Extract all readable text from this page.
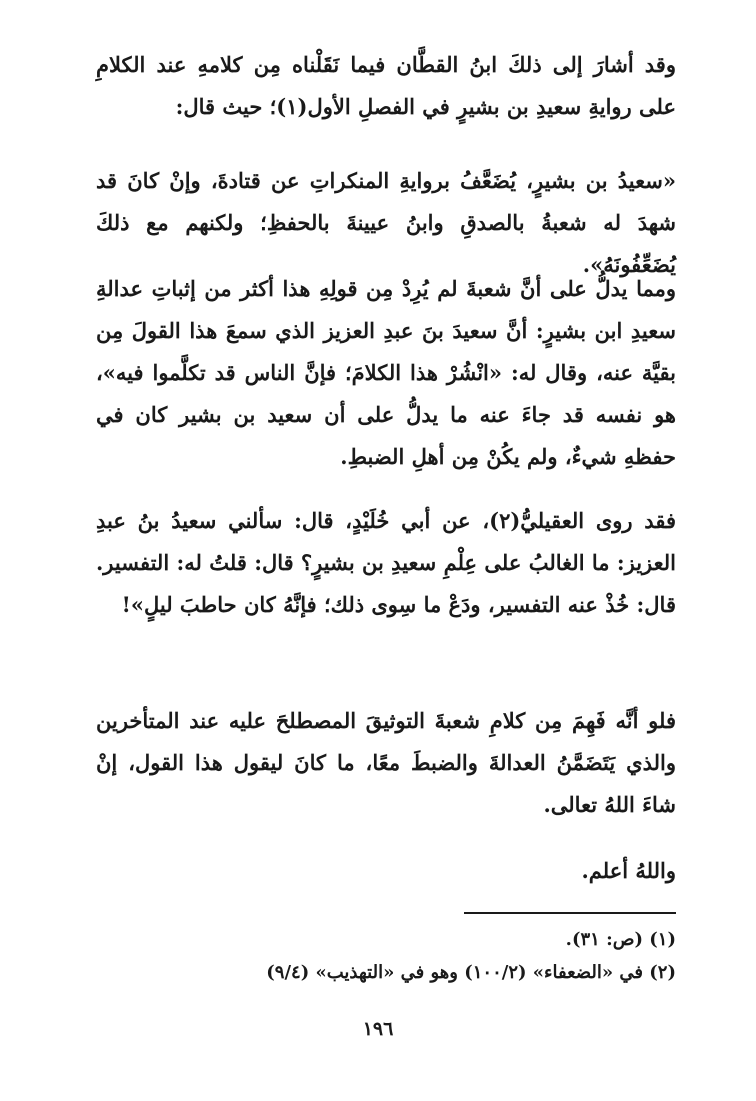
وقد أشارَ إلى ذلكَ ابنُ القطَّان فيما نَقَلْناه مِن كلامهِ عند الكلامِ على روايةِ سعيدِ بن بشيرٍ في الفصلِ الأول(١)؛ حيث قال:

«سعيدُ بن بشيرٍ، يُضَعَّفُ بروايةِ المنكراتِ عن قتادةَ، وإنْ كانَ قد شهدَ له شعبةُ بالصدقِ وابنُ عيينةَ بالحفظِ؛ ولكنهم مع ذلكَ يُضَعِّفُونَهُ».

ومما يدلُّ على أنَّ شعبةَ لم يُرِدْ مِن قولِهِ هذا أكثر من إثباتِ عدالةِ سعيدِ ابن بشيرٍ: أنَّ سعيدَ بنَ عبدِ العزيز الذي سمعَ هذا القولَ مِن بقيَّة عنه، وقال له: «انْشُرْ هذا الكلامَ؛ فإنَّ الناس قد تكلَّموا فيه»، هو نفسه قد جاءَ عنه ما يدلُّ على أن سعيد بن بشير كان في حفظهِ شيءٌ، ولم يكُنْ مِن أهلِ الضبطِ.

فقد روى العقيليُّ(٢)، عن أبي خُلَيْدٍ، قال: سألني سعيدُ بنُ عبدِ العزيز: ما الغالبُ على عِلْمِ سعيدِ بن بشيرٍ؟ قال: قلتُ له: التفسير. قال: خُذْ عنه التفسير، ودَعْ ما سِوى ذلك؛ فإنَّهُ كان حاطبَ ليلٍ»!

فلو أنَّه فَهِمَ مِن كلامِ شعبةَ التوثيقَ المصطلحَ عليه عند المتأخرين والذي يَتَضَمَّنُ العدالةَ والضبطَ معًا، ما كانَ ليقول هذا القول، إنْ شاءَ اللهُ تعالى.

واللهُ أعلم.

(١) (ص: ٣١).

(٢) في «الضعفاء» (١٠٠/٢) وهو في «التهذيب» (٩/٤)

١٩٦
